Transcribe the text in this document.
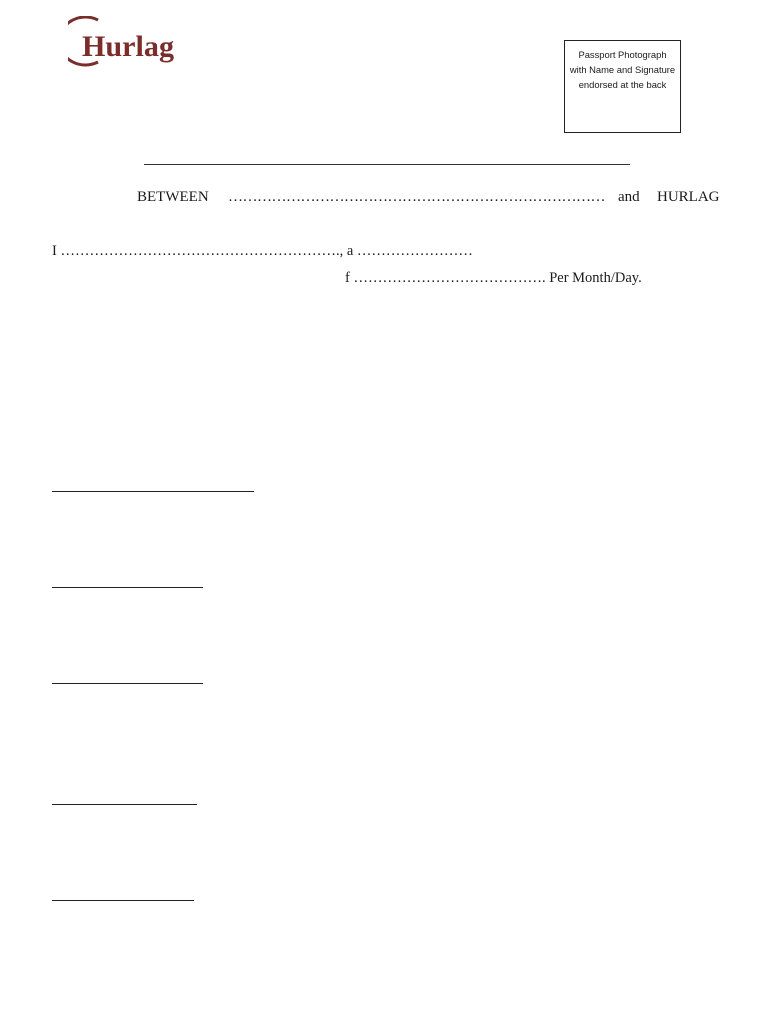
Hurlag	Passport Photograph with Name and Signature endorsed at the back
BETWEEN …………………………………………………………………… and HURLAG
I …………………………………………………., a ……………………
f …………………………………. Per Month/Day.
